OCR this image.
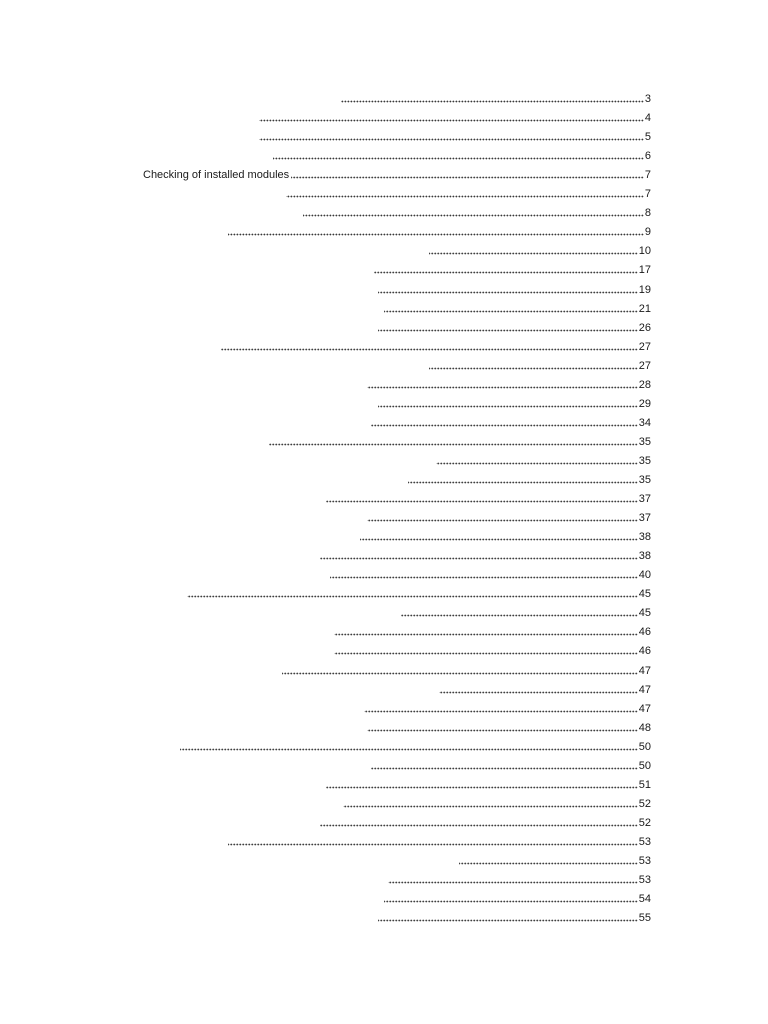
3
4
5
6
Checking of installed modules	7
7
8
9
10
17
19
21
26
27
27
28
29
34
35
35
35
37
37
38
38
40
45
45
46
46
47
47
47
48
50
50
51
52
52
53
53
53
54
55
